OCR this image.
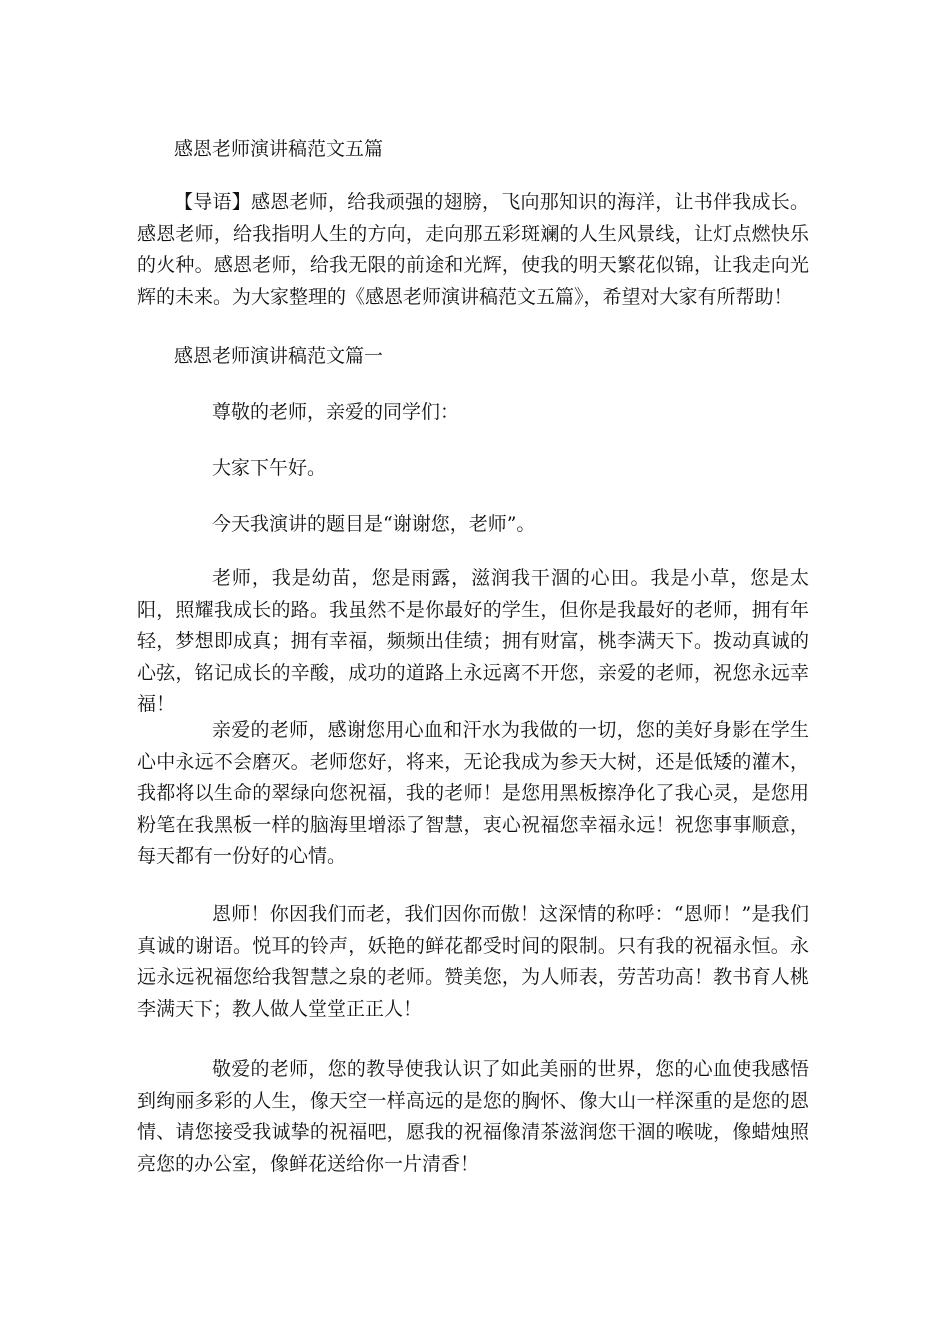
感恩老师演讲稿范文五篇

【导语】感恩老师，给我顽强的翅膀，飞向那知识的海洋，让书伴我成长。感恩老师，给我指明人生的方向，走向那五彩斑斓的人生风景线，让灯点燃快乐的火种。感恩老师，给我无限的前途和光辉，使我的明天繁花似锦，让我走向光辉的未来。为大家整理的《感恩老师演讲稿范文五篇》，希望对大家有所帮助！

感恩老师演讲稿范文篇一

尊敬的老师，亲爱的同学们：

大家下午好。

今天我演讲的题目是“谢谢您，老师”。

老师，我是幼苗，您是雨露，滋润我干涸的心田。我是小草，您是太阳，照耀我成长的路。我虽然不是你最好的学生，但你是我最好的老师，拥有年轻，梦想即成真；拥有幸福，频频出佳绩；拥有财富，桃李满天下。拨动真诚的心弦，铭记成长的辛酸，成功的道路上永远离不开您，亲爱的老师，祝您永远幸福！

亲爱的老师，感谢您用心血和汗水为我做的一切，您的美好身影在学生心中永远不会磨灭。老师您好，将来，无论我成为参天大树，还是低矮的灌木，我都将以生命的翠绿向您祝福，我的老师！是您用黑板擦净化了我心灵，是您用粉笔在我黑板一样的脑海里增添了智慧，衷心祝福您幸福永远！祝您事事顺意，每天都有一份好的心情。

恩师！你因我们而老，我们因你而傲！这深情的称呼：“恩师！”是我们真诚的谢语。悦耳的铃声，妖艳的鲜花都受时间的限制。只有我的祝福永恒。永远永远祝福您给我智慧之泉的老师。赞美您，为人师表，劳苦功高！教书育人桃李满天下；教人做人堂堂正正人！

敬爱的老师，您的教导使我认识了如此美丽的世界，您的心血使我感悟到绚丽多彩的人生，像天空一样高远的是您的胸怀、像大山一样深重的是您的恩情、请您接受我诚挚的祝福吧，愿我的祝福像清茶滋润您干涸的喉咙，像蜡烛照亮您的办公室，像鲜花送给你一片清香！
